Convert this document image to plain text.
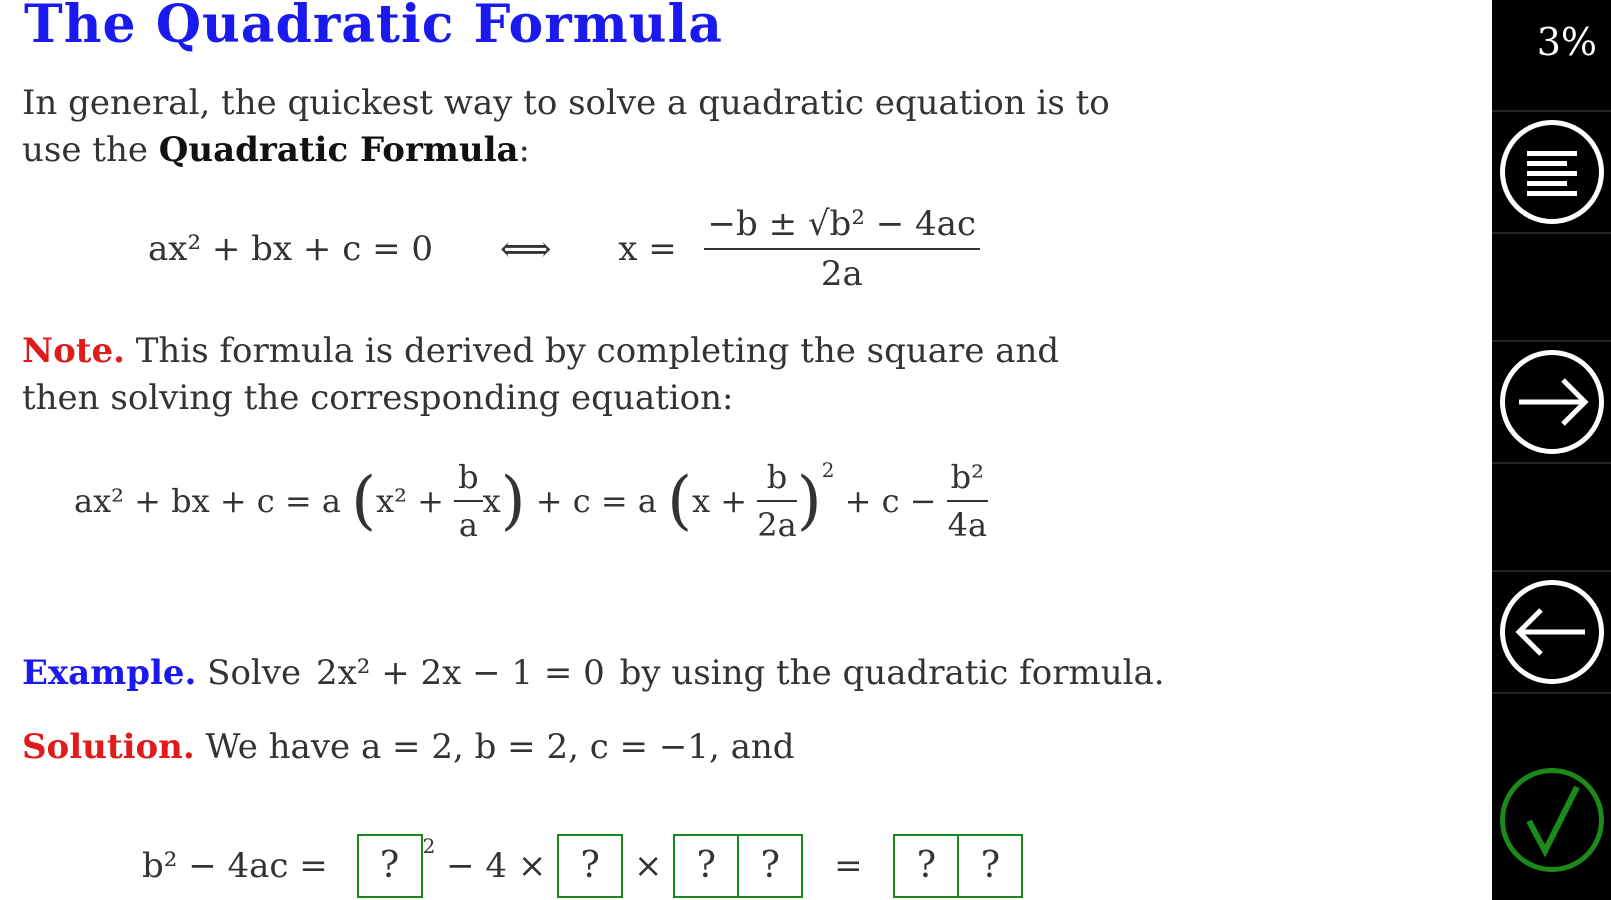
The Quadratic Formula
In general, the quickest way to solve a quadratic equation is to use the Quadratic Formula:
ax² + bx + c = 0 ⟺ $x = \frac{\text{−b ± √b² − 4ac}}{2a}$
Note. This formula is derived by completing the square and then solving the corresponding equation:
ax² + bx + c = a $(x^2 + \frac{b}{a} x) + c = a$ $(x + \frac{b}{2a} )^2 + c - \frac{\text{b²}}{4a}$
Example. Solve 2x² + 2x − 1 = 0 by using the quadratic formula.
Solution. We have a = 2, b = 2, c = −1, and
b² − 4ac = ? $^2$ − 4 × ? × ? ? = ? ?
3%
